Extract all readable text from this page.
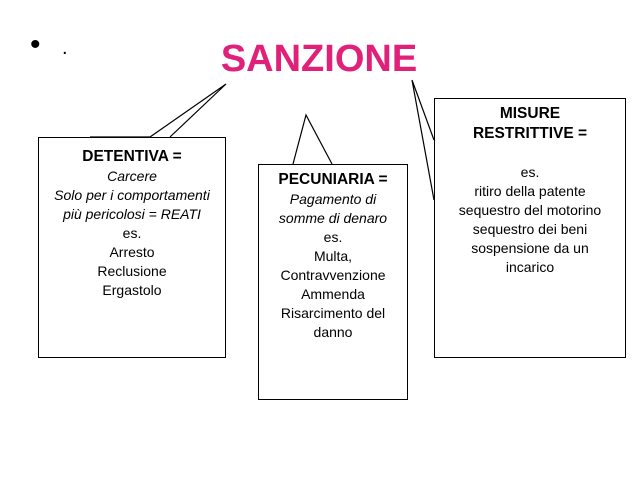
• .	SANZIONE
DETENTIVA =
Carcere
Solo per i comportamenti
più pericolosi = REATI
es.
Arresto
Reclusione
Ergastolo
PECUNIARIA =
Pagamento di
somme di denaro
es.
Multa,
Contravvenzione
Ammenda
Risarcimento del
danno
MISURE
RESTRITTIVE =
es.
ritiro della patente
sequestro del motorino
sequestro dei beni
sospensione da un
incarico
